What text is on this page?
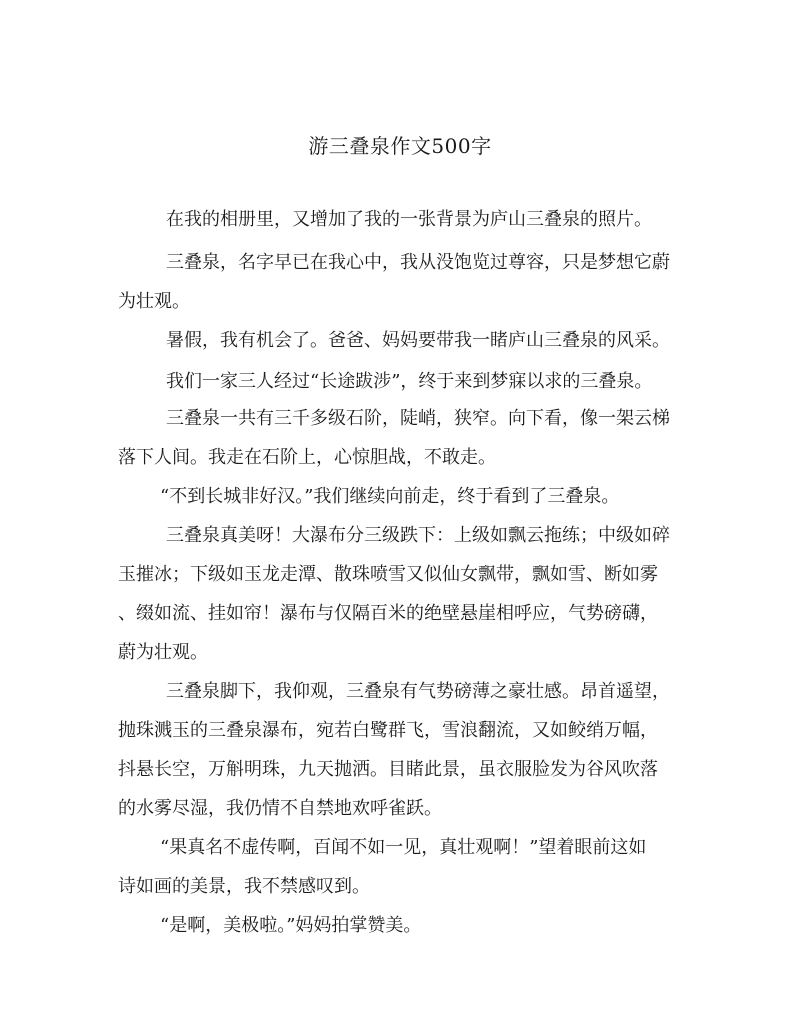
游三叠泉作文500字
在我的相册里，又增加了我的一张背景为庐山三叠泉的照片。
三叠泉，名字早已在我心中，我从没饱览过尊容，只是梦想它蔚
为壮观。
暑假，我有机会了。爸爸、妈妈要带我一睹庐山三叠泉的风采。
我们一家三人经过“长途跋涉”，终于来到梦寐以求的三叠泉。
三叠泉一共有三千多级石阶，陡峭，狭窄。向下看，像一架云梯
落下人间。我走在石阶上，心惊胆战，不敢走。
“不到长城非好汉。”我们继续向前走，终于看到了三叠泉。
三叠泉真美呀！大瀑布分三级跌下：上级如飘云拖练；中级如碎
玉摧冰；下级如玉龙走潭、散珠喷雪又似仙女飘带，飘如雪、断如雾
、缀如流、挂如帘！瀑布与仅隔百米的绝壁悬崖相呼应，气势磅礴，
蔚为壮观。
三叠泉脚下，我仰观，三叠泉有气势磅薄之豪壮感。昂首遥望，
抛珠溅玉的三叠泉瀑布，宛若白鹭群飞，雪浪翻流，又如鲛绡万幅，
抖悬长空，万斛明珠，九天抛洒。目睹此景，虽衣服脸发为谷风吹落
的水雾尽湿，我仍情不自禁地欢呼雀跃。
“果真名不虚传啊，百闻不如一见，真壮观啊！”望着眼前这如
诗如画的美景，我不禁感叹到。
“是啊，美极啦。”妈妈拍掌赞美。
